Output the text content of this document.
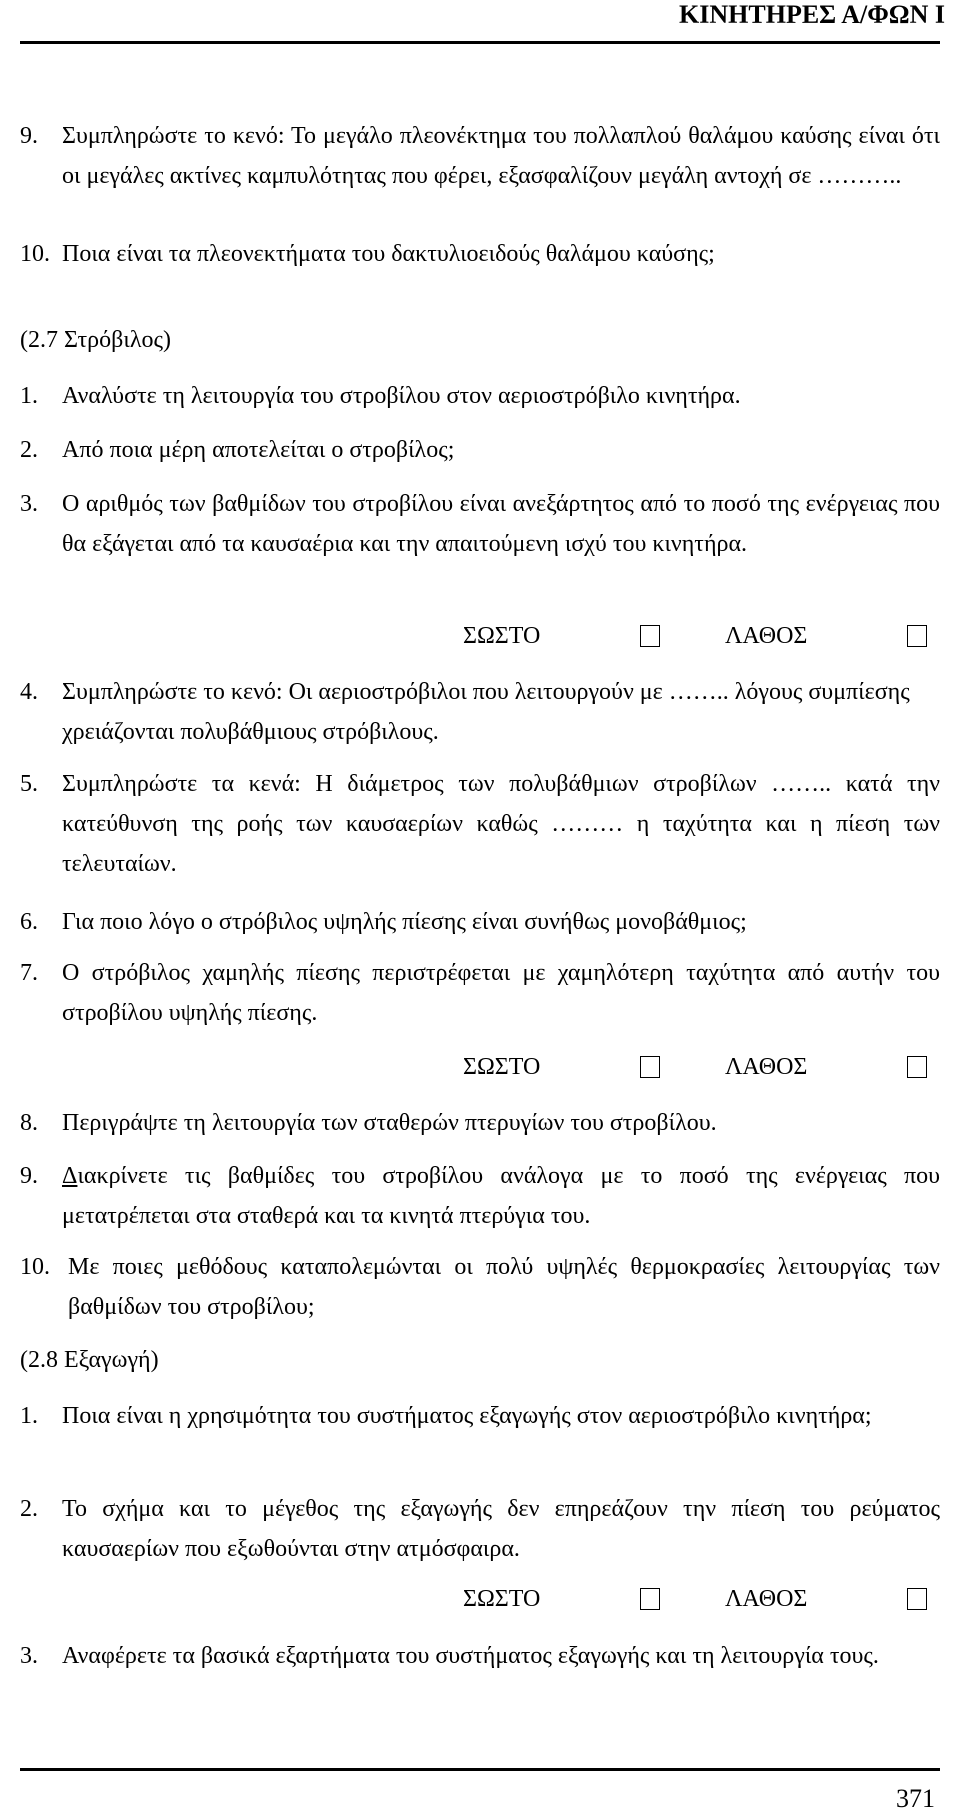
ΚΙΝΗΤΗΡΕΣ Α/ΦΩΝ Ι
9. Συμπληρώστε το κενό: Το μεγάλο πλεονέκτημα του πολλαπλού θαλάμου καύσης είναι ότι οι μεγάλες ακτίνες καμπυλότητας που φέρει, εξασφαλίζουν μεγάλη αντοχή σε ………..
10. Ποια είναι τα πλεονεκτήματα του δακτυλιοειδούς θαλάμου καύσης;
(2.7 Στρόβιλος)
1. Αναλύστε τη λειτουργία του στροβίλου στον αεριοστρόβιλο κινητήρα.
2. Από ποια μέρη αποτελείται ο στροβίλος;
3. Ο αριθμός των βαθμίδων του στροβίλου είναι ανεξάρτητος από το ποσό της ενέργειας που θα εξάγεται από τα καυσαέρια και την απαιτούμενη ισχύ του κινητήρα.
ΣΩΣΤΟ	ΛΑΘΟΣ
4. Συμπληρώστε το κενό: Οι αεριοστρόβιλοι που λειτουργούν με …….. λόγους συμπίεσης χρειάζονται πολυβάθμιους στρόβιλους.
5. Συμπληρώστε τα κενά: Η διάμετρος των πολυβάθμιων στροβίλων …….. κατά την κατεύθυνση της ροής των καυσαερίων καθώς ……… η ταχύτητα και η πίεση των τελευταίων.
6. Για ποιο λόγο ο στρόβιλος υψηλής πίεσης είναι συνήθως μονοβάθμιος;
7. Ο στρόβιλος χαμηλής πίεσης περιστρέφεται με χαμηλότερη ταχύτητα από αυτήν του στροβίλου υψηλής πίεσης.
ΣΩΣΤΟ	ΛΑΘΟΣ
8. Περιγράψτε τη λειτουργία των σταθερών πτερυγίων του στροβίλου.
9. Διακρίνετε τις βαθμίδες του στροβίλου ανάλογα με το ποσό της ενέργειας που μετατρέπεται στα σταθερά και τα κινητά πτερύγια του.
10. Με ποιες μεθόδους καταπολεμώνται οι πολύ υψηλές θερμοκρασίες λειτουργίας των βαθμίδων του στροβίλου;
(2.8 Εξαγωγή)
1. Ποια είναι η χρησιμότητα του συστήματος εξαγωγής στον αεριοστρόβιλο κινητήρα;
2. Το σχήμα και το μέγεθος της εξαγωγής δεν επηρεάζουν την πίεση του ρεύματος καυσαερίων που εξωθούνται στην ατμόσφαιρα.
ΣΩΣΤΟ	ΛΑΘΟΣ
3. Αναφέρετε τα βασικά εξαρτήματα του συστήματος εξαγωγής και τη λειτουργία τους.
371
